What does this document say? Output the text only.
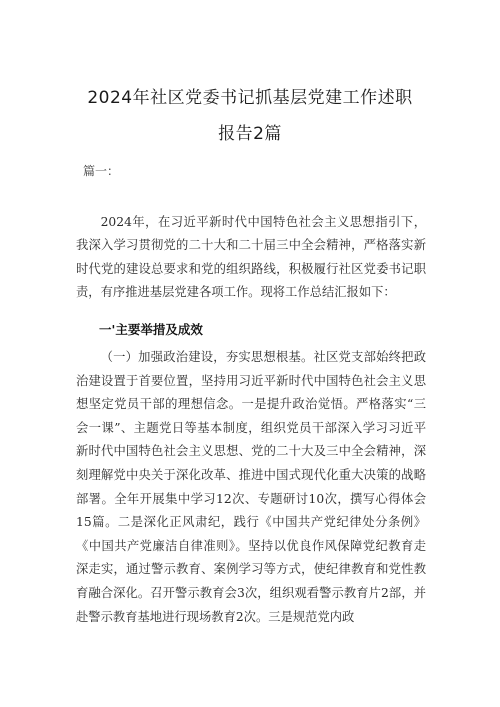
2024年社区党委书记抓基层党建工作述职
报告2篇
篇一：

2024年，在习近平新时代中国特色社会主义思想指引下，我深入学习贯彻党的二十大和二十届三中全会精神，严格落实新时代党的建设总要求和党的组织路线，积极履行社区党委书记职责，有序推进基层党建各项工作。现将工作总结汇报如下：

一'主要举措及成效

（一）加强政治建设，夯实思想根基。社区党支部始终把政治建设置于首要位置，坚持用习近平新时代中国特色社会主义思想坚定党员干部的理想信念。一是提升政治觉悟。严格落实“三会一课”、主题党日等基本制度，组织党员干部深入学习习近平新时代中国特色社会主义思想、党的二十大及三中全会精神，深刻理解党中央关于深化改革、推进中国式现代化重大决策的战略部署。全年开展集中学习12次、专题研讨10次，撰写心得体会15篇。二是深化正风肃纪，践行《中国共产党纪律处分条例》《中国共产党廉洁自律准则》。坚持以优良作风保障党纪教育走深走实，通过警示教育、案例学习等方式，使纪律教育和党性教育融合深化。召开警示教育会3次，组织观看警示教育片2部，并赴警示教育基地进行现场教育2次。三是规范党内政
